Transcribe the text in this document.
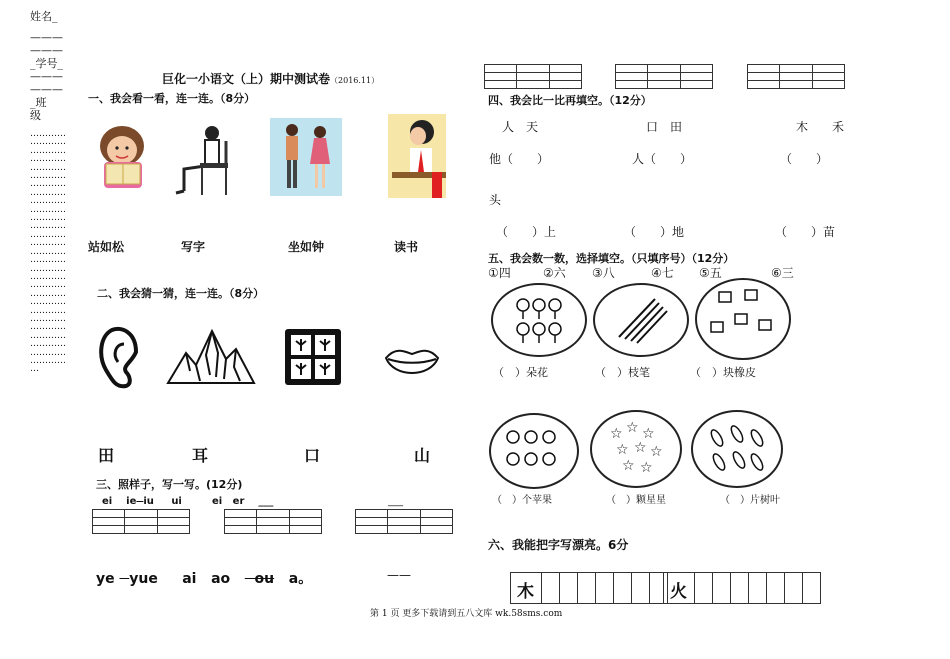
姓名_
———
———
_学号_
———
———
_班
级
…………
…………
…………
…………
…………
…………
…………
…………
…………
…………
…………
…………
…………
…………
…………
…………
…………
…………
…………
…………
…………
…………
…………
…………
…………
…………
…………
…………
…
巨化一小语文（上）期中测试卷（2016.11）
一、我会看一看，连一连。（8分）
站如松	写字	坐如钟	读书
二、我会猜一猜，连一连。（8分）
田	耳	口	山
三、照样子，写一写。(12分)
ei ie iu ui	ei er ___	___

ye yue ai ao ou a。	——

四、我会比一比再填空。（12分）
人　天	口　田	木　　禾
他（　　）	人（　　）	（　　）
头
（　　）上	（　　）地	（　　）苗
五、我会数一数，选择填空。（只填序号）（12分）
①四	②六 ③八	④七 ⑤五	⑥三
（　）朵花	（　）枝笔	（　）块橡皮
☆ ☆ ☆
☆ ☆ ☆
☆ ☆
（　）个苹果	（　）颗星星	（　）片树叶
六、我能把字写漂亮。6分
木	火
第 1 页 更多下载请到五八文库 wk.58sms.com
